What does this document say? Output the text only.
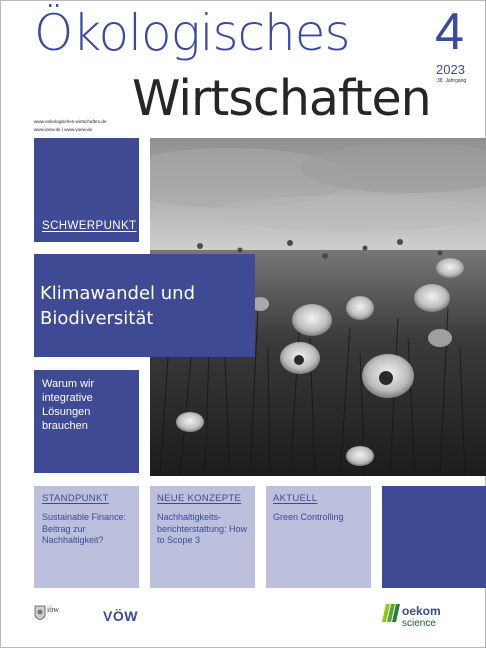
Ökologisches
Wirtschaften
4
2023
38. Jahrgang
www.oekologisches-wirtschaften.de
www.ioew.de | www.voew.de
SCHWERPUNKT
Klimawandel und Biodiversität
Warum wir integrative Lösungen brauchen
STANDPUNKT
Sustainable Finance: Beitrag zur Nachhaltigkeit?
NEUE KONZEPTE
Nachhaltigkeits-berichterstattung: How to Scope 3
AKTUELL
Green Controlling
iöw	VÖW	oekom
science
